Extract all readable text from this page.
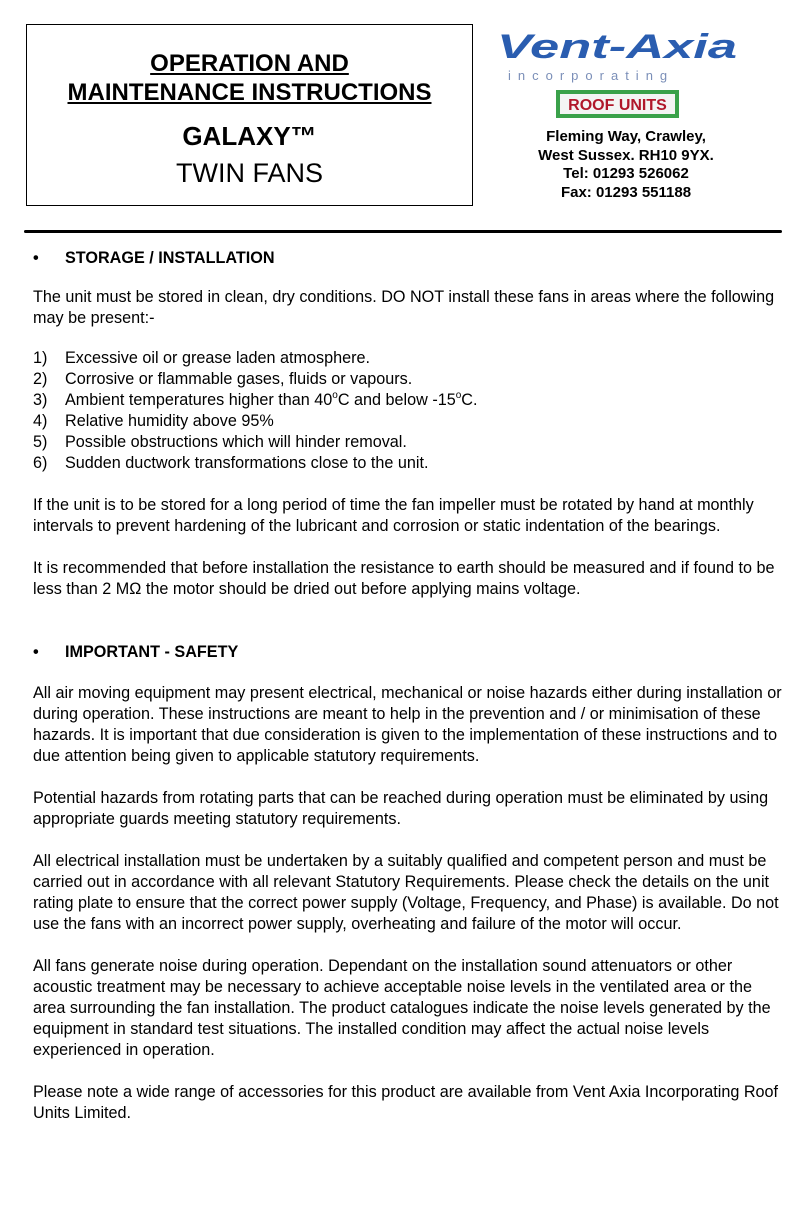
OPERATION AND
MAINTENANCE INSTRUCTIONS
GALAXY™
TWIN FANS
Vent-Axia
incorporating
ROOF UNITS
Fleming Way, Crawley,
West Sussex. RH10 9YX.
Tel: 01293 526062
Fax: 01293 551188
•	STORAGE / INSTALLATION

The unit must be stored in clean, dry conditions. DO NOT install these fans in areas where the following may be present:-

1)	Excessive oil or grease laden atmosphere.
2)	Corrosive or flammable gases, fluids or vapours.
3)	Ambient temperatures higher than 40$^o$C and below -15$^o$C.
4)	Relative humidity above 95%
5)	Possible obstructions which will hinder removal.
6)	Sudden ductwork transformations close to the unit.

If the unit is to be stored for a long period of time the fan impeller must be rotated by hand at monthly intervals to prevent hardening of the lubricant and corrosion or static indentation of the bearings.

It is recommended that before installation the resistance to earth should be measured and if found to be less than 2 MΩ the motor should be dried out before applying mains voltage.

•	IMPORTANT - SAFETY

All air moving equipment may present electrical, mechanical or noise hazards either during installation or during operation. These instructions are meant to help in the prevention and / or minimisation of these hazards. It is important that due consideration is given to the implementation of these instructions and to due attention being given to applicable statutory requirements.

Potential hazards from rotating parts that can be reached during operation must be eliminated by using appropriate guards meeting statutory requirements.

All electrical installation must be undertaken by a suitably qualified and competent person and must be carried out in accordance with all relevant Statutory Requirements. Please check the details on the unit rating plate to ensure that the correct power supply (Voltage, Frequency, and Phase) is available. Do not use the fans with an incorrect power supply, overheating and failure of the motor will occur.

All fans generate noise during operation. Dependant on the installation sound attenuators or other acoustic treatment may be necessary to achieve acceptable noise levels in the ventilated area or the area surrounding the fan installation. The product catalogues indicate the noise levels generated by the equipment in standard test situations. The installed condition may affect the actual noise levels experienced in operation.

Please note a wide range of accessories for this product are available from Vent Axia Incorporating Roof Units Limited.
